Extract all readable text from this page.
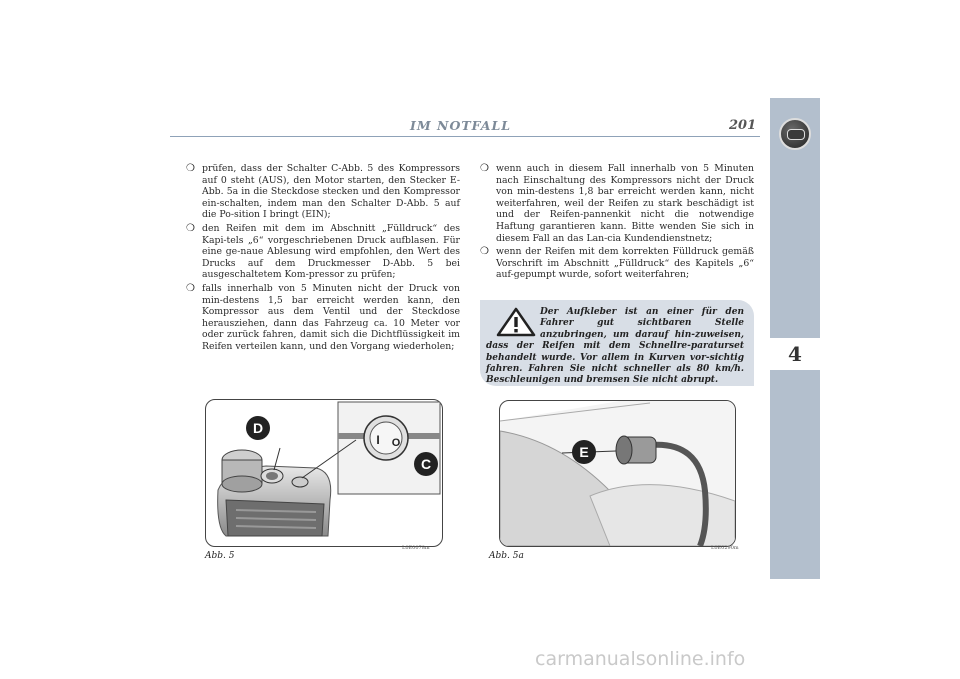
IM NOTFALL	201
4
❍ prüfen, dass der Schalter C-Abb. 5 des Kompressors auf 0 steht (AUS), den Motor starten, den Stecker E-Abb. 5a in die Steckdose stecken und den Kompressor ein-schalten, indem man den Schalter D-Abb. 5 auf die Po-sition I bringt (EIN);
❍ den Reifen mit dem im Abschnitt „Fülldruck“ des Kapi-tels „6“ vorgeschriebenen Druck aufblasen. Für eine ge-naue Ablesung wird empfohlen, den Wert des Drucks auf dem Druckmesser D-Abb. 5 bei ausgeschaltetem Kom-pressor zu prüfen;
❍ falls innerhalb von 5 Minuten nicht der Druck von min-destens 1,5 bar erreicht werden kann, den Kompressor aus dem Ventil und der Steckdose herausziehen, dann das Fahrzeug ca. 10 Meter vor oder zurück fahren, damit sich die Dichtflüssigkeit im Reifen verteilen kann, und den Vorgang wiederholen;
❍ wenn auch in diesem Fall innerhalb von 5 Minuten nach Einschaltung des Kompressors nicht der Druck von min-destens 1,8 bar erreicht werden kann, nicht weiterfahren, weil der Reifen zu stark beschädigt ist und der Reifen-pannenkit nicht die notwendige Haftung garantieren kann. Bitte wenden Sie sich in diesem Fall an das Lan-cia Kundendienstnetz;
❍ wenn der Reifen mit dem korrekten Fülldruck gemäß Vorschrift im Abschnitt „Fülldruck“ des Kapitels „6“ auf-gepumpt wurde, sofort weiterfahren;
Der Aufkleber ist an einer für den Fahrer gut sichtbaren Stelle anzubringen, um darauf hin-zuweisen, dass der Reifen mit dem Schnellre-paraturset behandelt wurde. Vor allem in Kurven vor-sichtig fahren. Fahren Sie nicht schneller als 80 km/h. Beschleunigen und bremsen Sie nicht abrupt.
D
C
I O
Abb. 5
L0E0078m
E
Abb. 5a
L0E0290m
carmanualsonline.info
